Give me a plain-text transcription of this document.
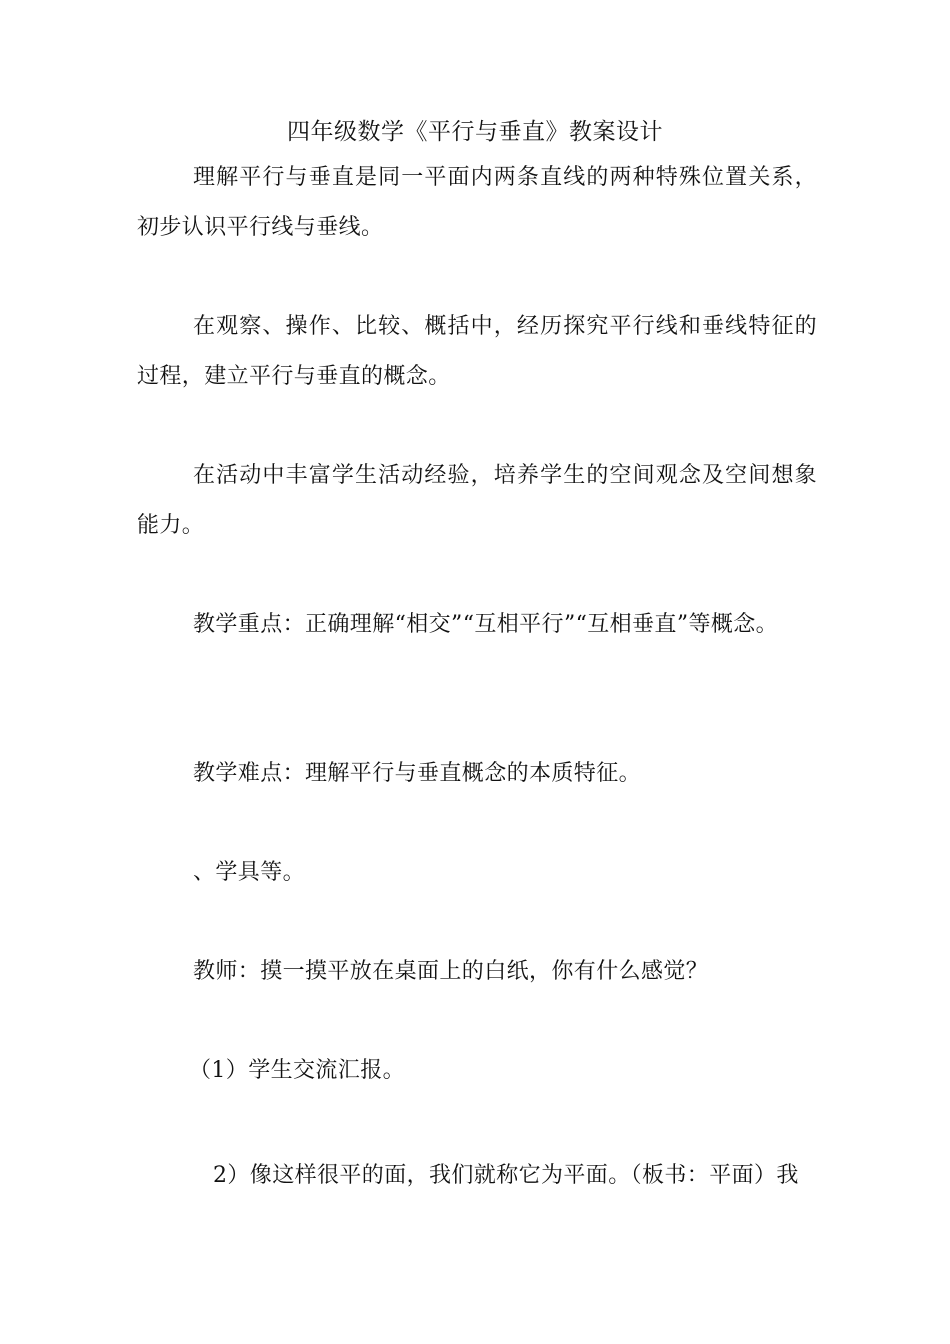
四年级数学《平行与垂直》教案设计

理解平行与垂直是同一平面内两条直线的两种特殊位置关系，初步认识平行线与垂线。

在观察、操作、比较、概括中，经历探究平行线和垂线特征的过程，建立平行与垂直的概念。

在活动中丰富学生活动经验，培养学生的空间观念及空间想象能力。

教学重点：正确理解“相交”“互相平行”“互相垂直”等概念。

教学难点：理解平行与垂直概念的本质特征。

、学具等。

教师：摸一摸平放在桌面上的白纸，你有什么感觉？

（1）学生交流汇报。

2）像这样很平的面，我们就称它为平面。（板书：平面）我
